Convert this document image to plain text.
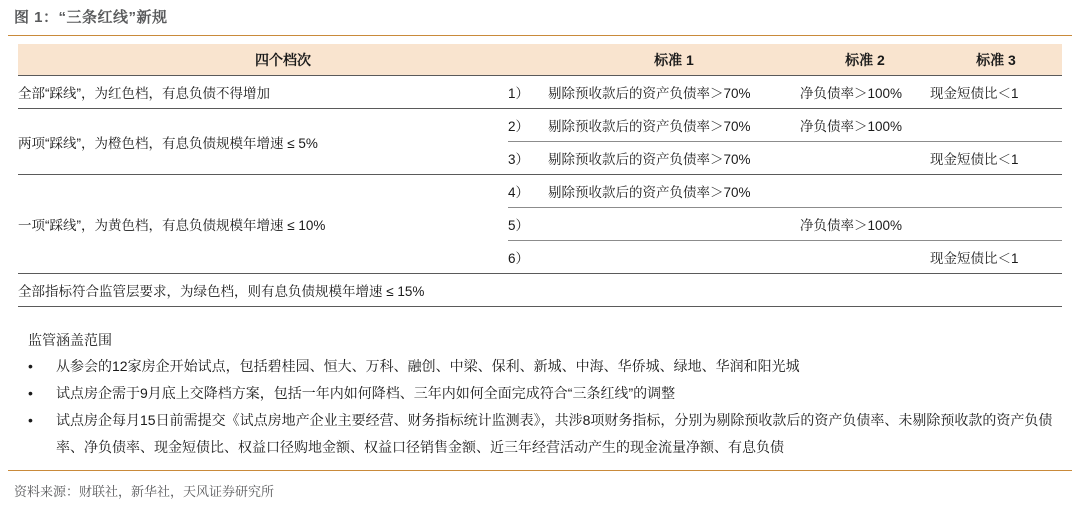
图 1：“三条红线”新规
四个档次		标准 1	标准 2	标准 3
全部“踩线”，为红色档，有息负债不得增加	1）	剔除预收款后的资产负债率＞70%	净负债率＞100%	现金短债比＜1
两项“踩线”，为橙色档，有息负债规模年增速 ≤ 5%	2）	剔除预收款后的资产负债率＞70%	净负债率＞100%	
	3）	剔除预收款后的资产负债率＞70%		现金短债比＜1
一项“踩线”，为黄色档，有息负债规模年增速 ≤ 10%	4）	剔除预收款后的资产负债率＞70%		
	5）		净负债率＞100%	
	6）			现金短债比＜1
全部指标符合监管层要求，为绿色档，则有息负债规模年增速 ≤ 15%				
监管涵盖范围
• 从参会的12家房企开始试点，包括碧桂园、恒大、万科、融创、中梁、保利、新城、中海、华侨城、绿地、华润和阳光城
• 试点房企需于9月底上交降档方案，包括一年内如何降档、三年内如何全面完成符合“三条红线”的调整
• 试点房企每月15日前需提交《试点房地产企业主要经营、财务指标统计监测表》，共涉8项财务指标，分别为剔除预收款后的资产负债率、未剔除预收款的资产负债率、净负债率、现金短债比、权益口径购地金额、权益口径销售金额、近三年经营活动产生的现金流量净额、有息负债
资料来源：财联社，新华社，天风证券研究所
